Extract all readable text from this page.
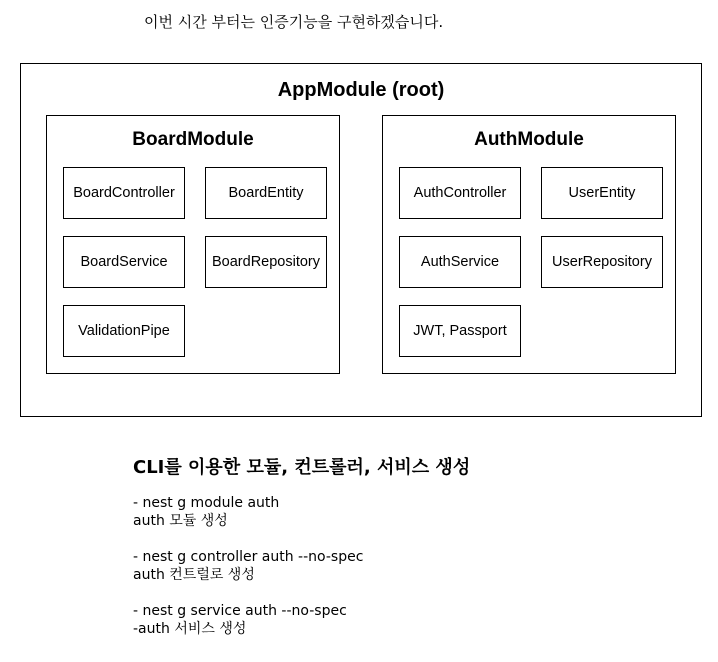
이번 시간 부터는 인증기능을 구현하겠습니다.
AppModule (root)
BoardModule
BoardController	BoardEntity
BoardService	BoardRepository
ValidationPipe
AuthModule
AuthController	UserEntity
AuthService	UserRepository
JWT, Passport
CLI를 이용한 모듈, 컨트롤러, 서비스 생성
- nest g module auth
auth 모듈 생성
- nest g controller auth --no-spec
auth 컨트럴로 생성
- nest g service auth --no-spec
-auth 서비스 생성
